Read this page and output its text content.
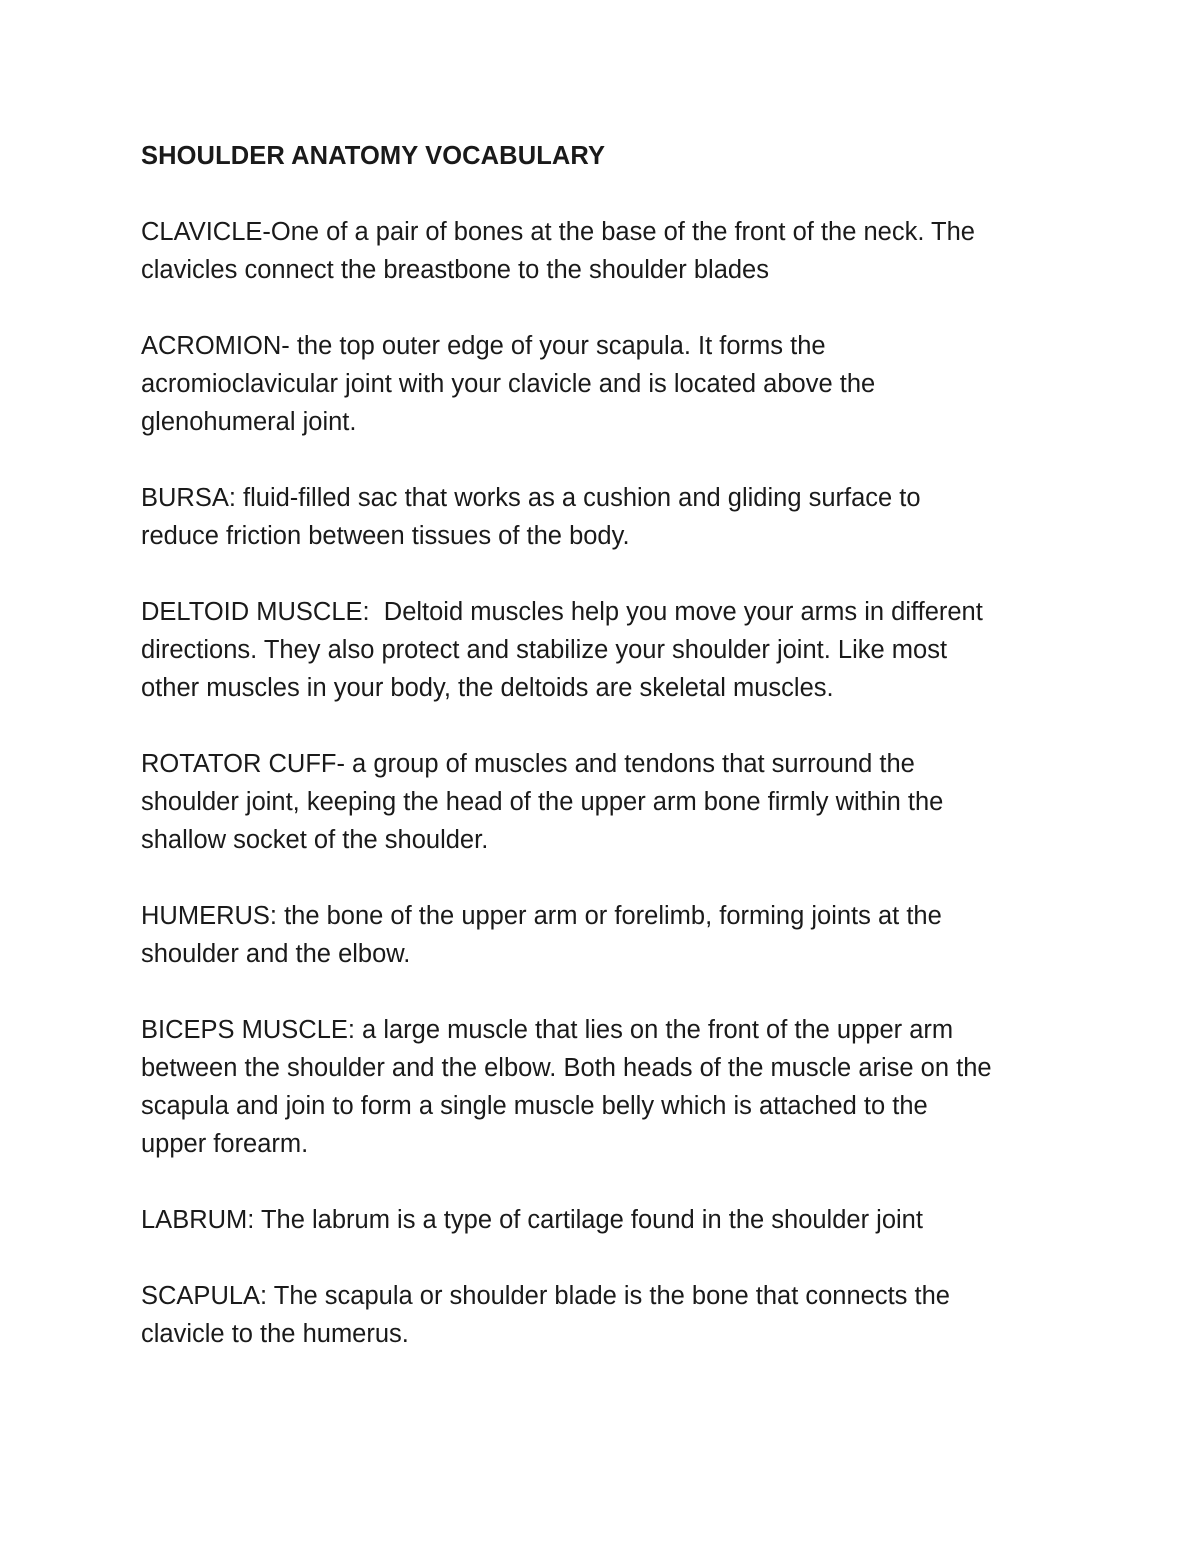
SHOULDER ANATOMY VOCABULARY
CLAVICLE-One of a pair of bones at the base of the front of the neck. The
clavicles connect the breastbone to the shoulder blades
ACROMION- the top outer edge of your scapula. It forms the
acromioclavicular joint with your clavicle and is located above the
glenohumeral joint.
BURSA: fluid-filled sac that works as a cushion and gliding surface to
reduce friction between tissues of the body.
DELTOID MUSCLE:  Deltoid muscles help you move your arms in different
directions. They also protect and stabilize your shoulder joint. Like most
other muscles in your body, the deltoids are skeletal muscles.
ROTATOR CUFF- a group of muscles and tendons that surround the
shoulder joint, keeping the head of the upper arm bone firmly within the
shallow socket of the shoulder.
HUMERUS: the bone of the upper arm or forelimb, forming joints at the
shoulder and the elbow.
BICEPS MUSCLE: a large muscle that lies on the front of the upper arm
between the shoulder and the elbow. Both heads of the muscle arise on the
scapula and join to form a single muscle belly which is attached to the
upper forearm.
LABRUM: The labrum is a type of cartilage found in the shoulder joint
SCAPULA: The scapula or shoulder blade is the bone that connects the
clavicle to the humerus.
